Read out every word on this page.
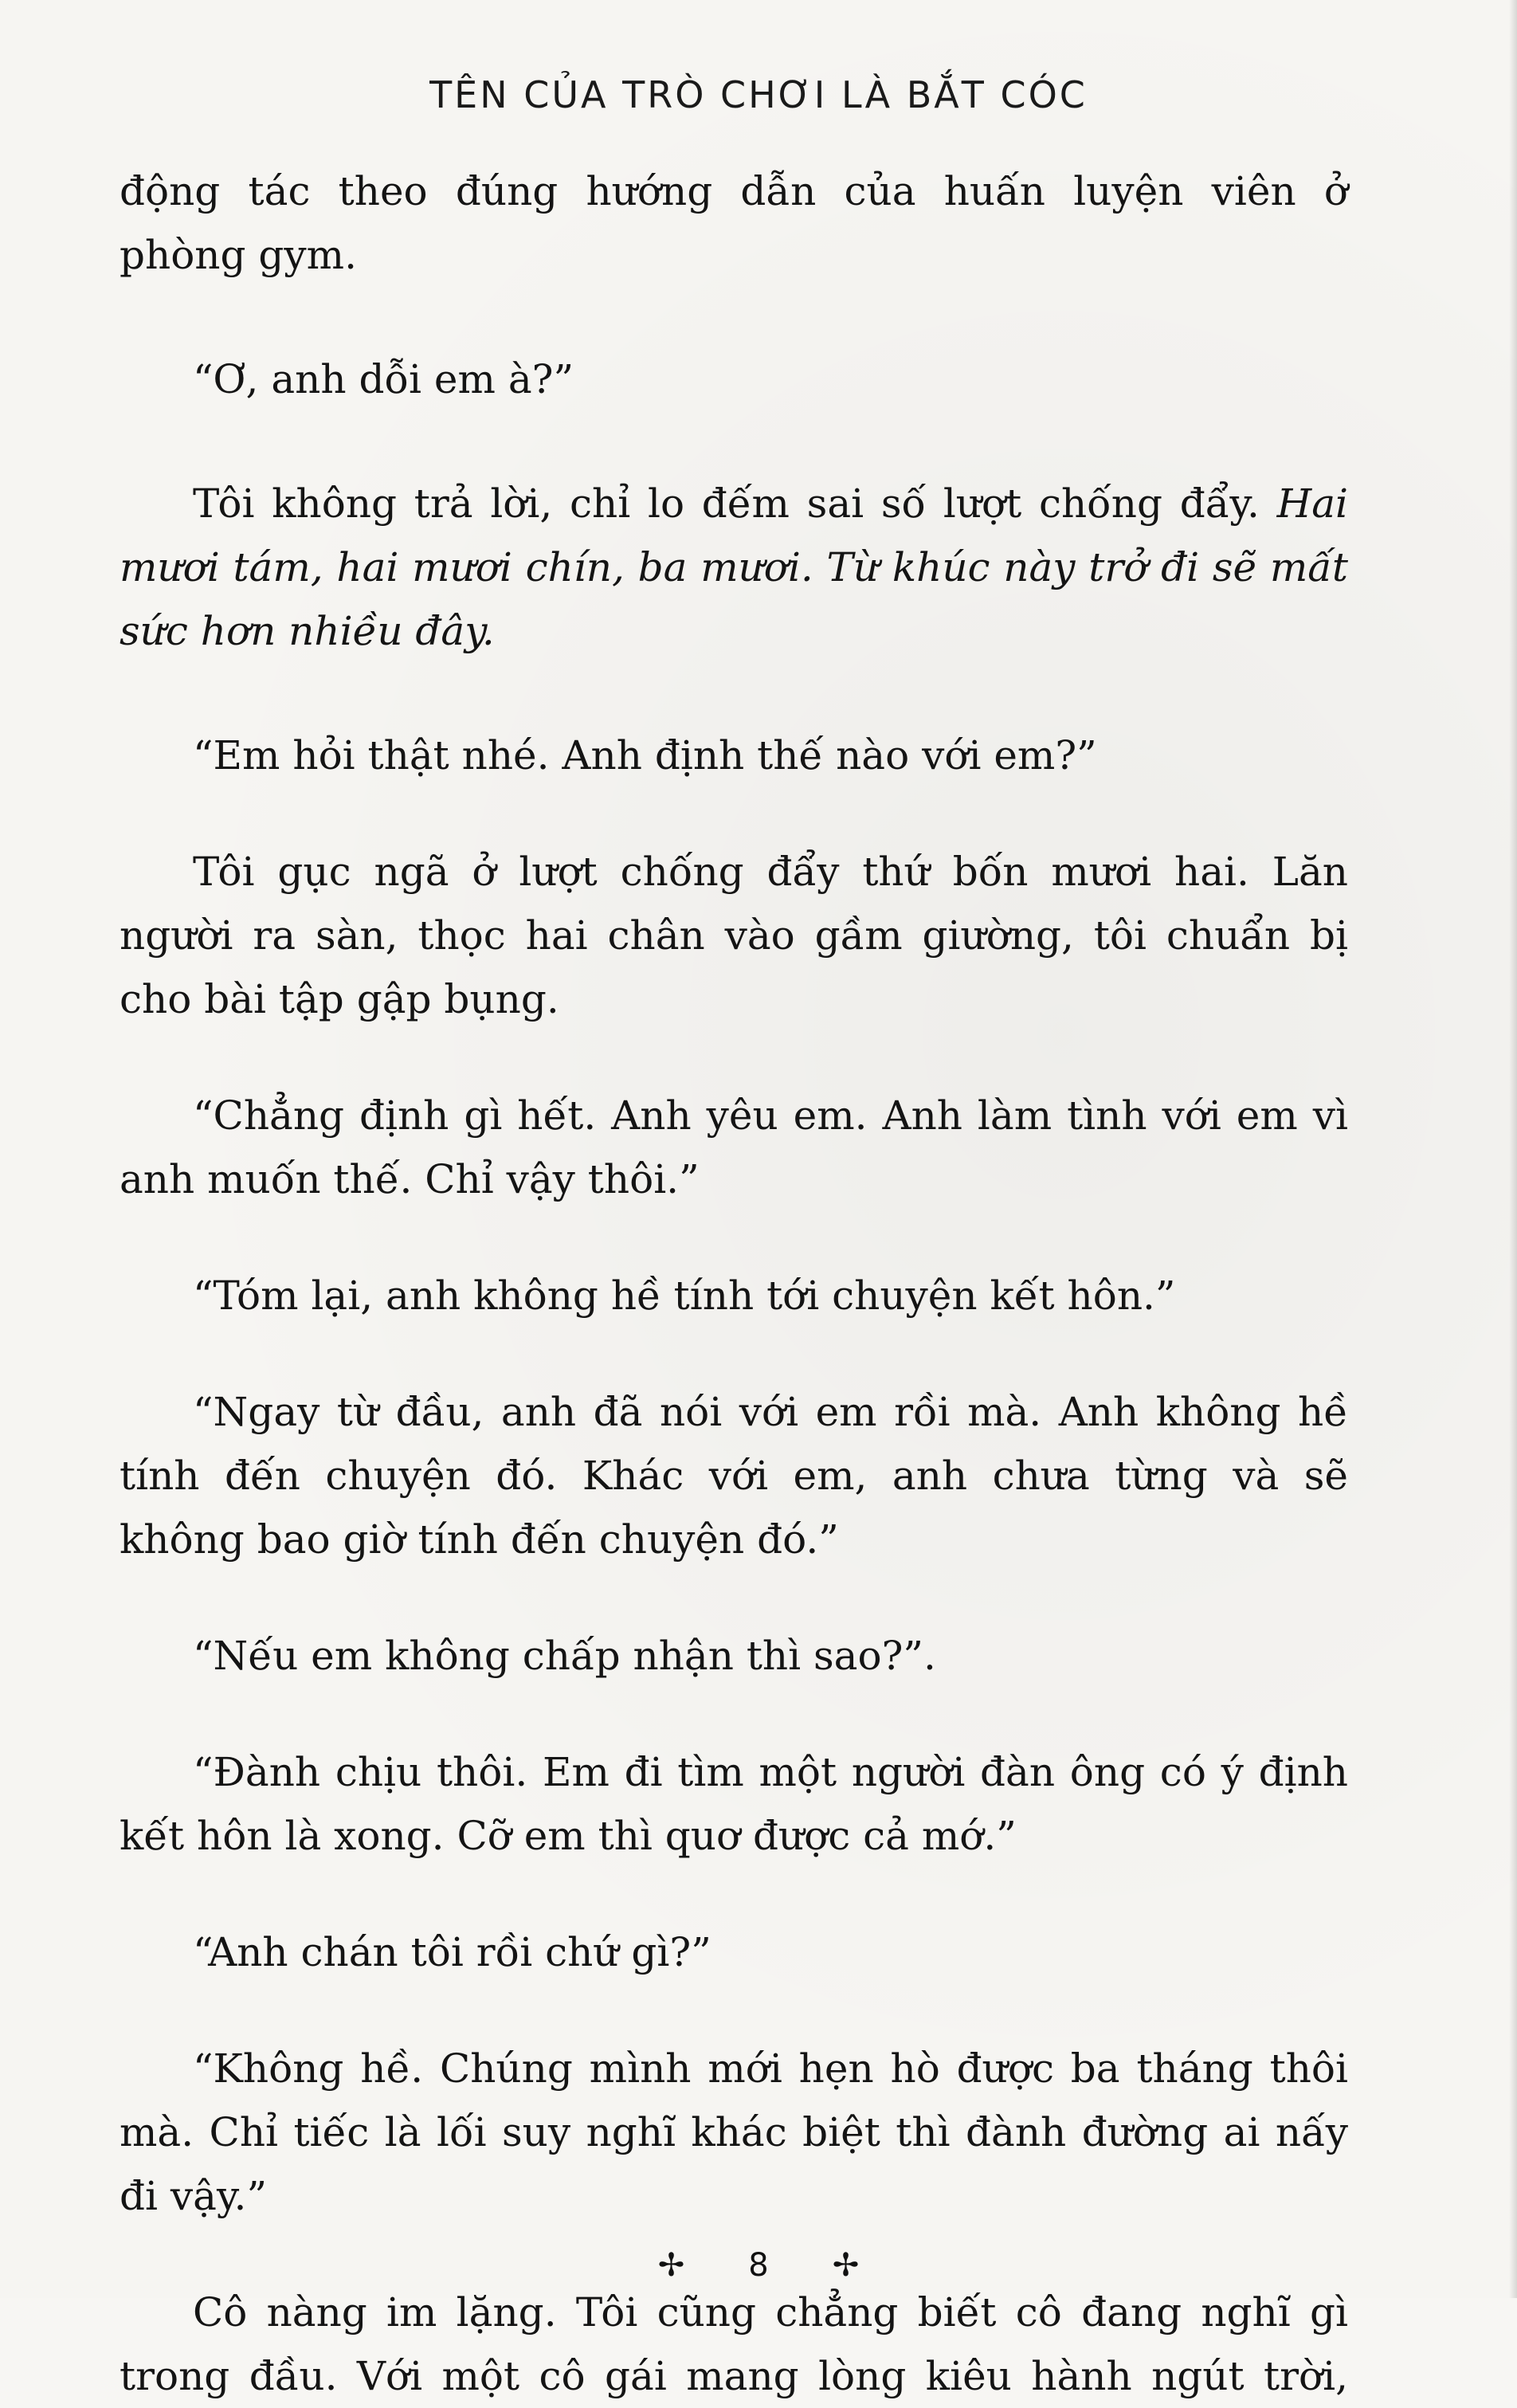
TÊN CỦA TRÒ CHƠI LÀ BẮT CÓC
động tác theo đúng hướng dẫn của huấn luyện viên ở
phòng gym.
“Ơ, anh dỗi em à?”
Tôi không trả lời, chỉ lo đếm sai số lượt chống đẩy. Hai
mươi tám, hai mươi chín, ba mươi. Từ khúc này trở đi sẽ mất
sức hơn nhiều đây.
“Em hỏi thật nhé. Anh định thế nào với em?”
Tôi gục ngã ở lượt chống đẩy thứ bốn mươi hai. Lăn
người ra sàn, thọc hai chân vào gầm giường, tôi chuẩn bị
cho bài tập gập bụng.
“Chẳng định gì hết. Anh yêu em. Anh làm tình với em vì
anh muốn thế. Chỉ vậy thôi.”
“Tóm lại, anh không hề tính tới chuyện kết hôn.”
“Ngay từ đầu, anh đã nói với em rồi mà. Anh không hề
tính đến chuyện đó. Khác với em, anh chưa từng và sẽ
không bao giờ tính đến chuyện đó.”
“Nếu em không chấp nhận thì sao?”.
“Đành chịu thôi. Em đi tìm một người đàn ông có ý định
kết hôn là xong. Cỡ em thì quơ được cả mớ.”
“Anh chán tôi rồi chứ gì?”
“Không hề. Chúng mình mới hẹn hò được ba tháng thôi
mà. Chỉ tiếc là lối suy nghĩ khác biệt thì đành đường ai nấy
đi vậy.”
Cô nàng im lặng. Tôi cũng chẳng biết cô đang nghĩ gì
trong đầu. Với một cô gái mang lòng kiêu hành ngút trời,
✢ 8 ✢
